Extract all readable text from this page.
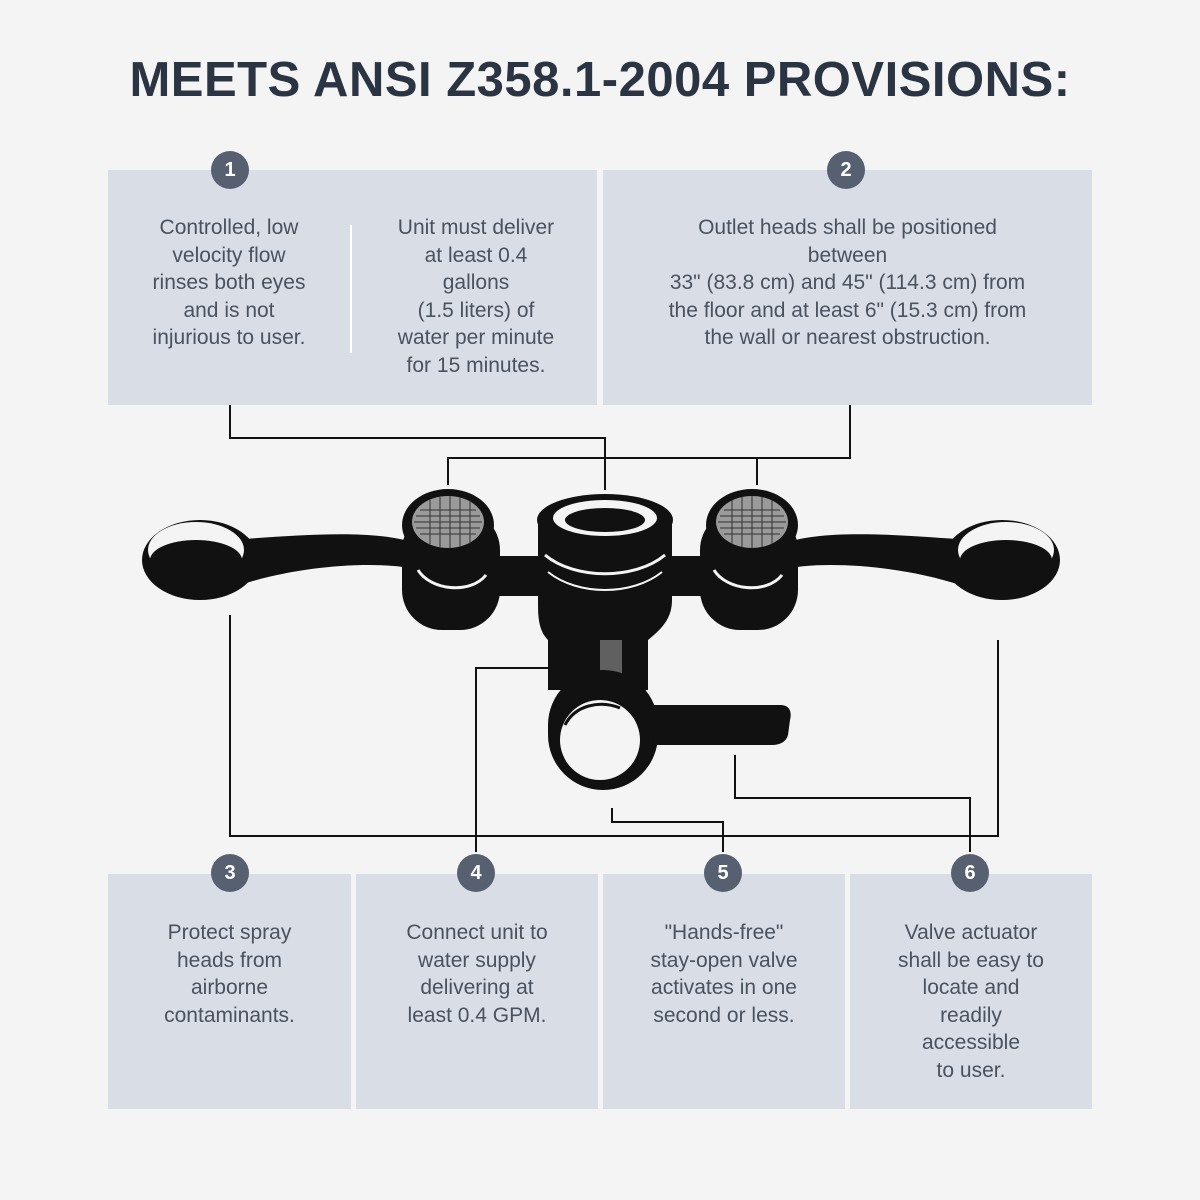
MEETS ANSI Z358.1-2004 PROVISIONS:
Controlled, low
velocity flow
rinses both eyes
and is not
injurious to user.
Unit must deliver
at least 0.4
gallons
(1.5 liters) of
water per minute
for 15 minutes.
Outlet heads shall be positioned
between
33" (83.8 cm) and 45" (114.3 cm) from
the floor and at least 6" (15.3 cm) from
the wall or nearest obstruction.
Protect spray
heads from
airborne
contaminants.
Connect unit to
water supply
delivering at
least 0.4 GPM.
"Hands-free"
stay-open valve
activates in one
second or less.
Valve actuator
shall be easy to
locate and
readily
accessible
to user.
1	2
3	4	5	6
